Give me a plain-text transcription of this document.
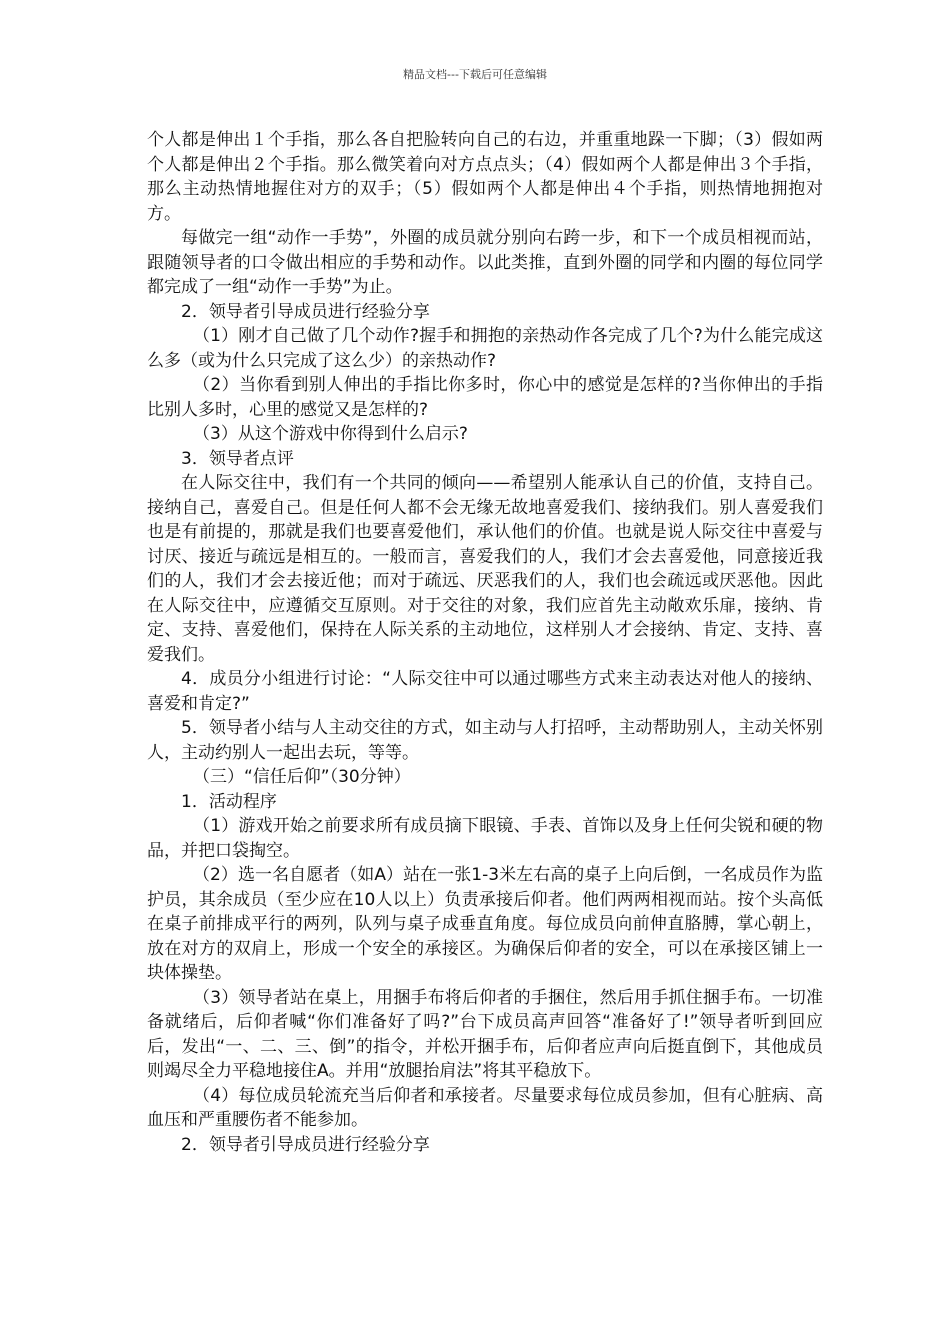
精品文档---下载后可任意编辑

个人都是伸出１个手指，那么各自把脸转向自己的右边，并重重地跺一下脚；（3）假如两个人都是伸出２个手指。那么微笑着向对方点点头；（4）假如两个人都是伸出３个手指，那么主动热情地握住对方的双手；（5）假如两个人都是伸出４个手指，则热情地拥抱对方。

每做完一组“动作一手势”，外圈的成员就分别向右跨一步，和下一个成员相视而站，跟随领导者的口令做出相应的手势和动作。以此类推，直到外圈的同学和内圈的每位同学都完成了一组“动作一手势”为止。

2．领导者引导成员进行经验分享

（1）刚才自己做了几个动作?握手和拥抱的亲热动作各完成了几个?为什么能完成这么多（或为什么只完成了这么少）的亲热动作?

（2）当你看到别人伸出的手指比你多时，你心中的感觉是怎样的?当你伸出的手指比别人多时，心里的感觉又是怎样的?

（3）从这个游戏中你得到什么启示?

3．领导者点评

在人际交往中，我们有一个共同的倾向——希望别人能承认自己的价值，支持自己。接纳自己，喜爱自己。但是任何人都不会无缘无故地喜爱我们、接纳我们。别人喜爱我们也是有前提的，那就是我们也要喜爱他们，承认他们的价值。也就是说人际交往中喜爱与讨厌、接近与疏远是相互的。一般而言，喜爱我们的人，我们才会去喜爱他，同意接近我们的人，我们才会去接近他；而对于疏远、厌恶我们的人，我们也会疏远或厌恶他。因此在人际交往中，应遵循交互原则。对于交往的对象，我们应首先主动敞欢乐扉，接纳、肯定、支持、喜爱他们，保持在人际关系的主动地位，这样别人才会接纳、肯定、支持、喜爱我们。

4．成员分小组进行讨论：“人际交往中可以通过哪些方式来主动表达对他人的接纳、喜爱和肯定?”

5．领导者小结与人主动交往的方式，如主动与人打招呼，主动帮助别人，主动关怀别人，主动约别人一起出去玩，等等。

（三）“信任后仰”（30分钟）

1．活动程序

（1）游戏开始之前要求所有成员摘下眼镜、手表、首饰以及身上任何尖锐和硬的物品，并把口袋掏空。

（2）选一名自愿者（如A）站在一张1-3米左右高的桌子上向后倒，一名成员作为监护员，其余成员（至少应在10人以上）负责承接后仰者。他们两两相视而站。按个头高低在桌子前排成平行的两列，队列与桌子成垂直角度。每位成员向前伸直胳膊，掌心朝上，放在对方的双肩上，形成一个安全的承接区。为确保后仰者的安全，可以在承接区铺上一块体操垫。

（3）领导者站在桌上，用捆手布将后仰者的手捆住，然后用手抓住捆手布。一切准备就绪后，后仰者喊“你们准备好了吗?”台下成员高声回答“准备好了!”领导者听到回应后，发出“一、二、三、倒”的指令，并松开捆手布，后仰者应声向后挺直倒下，其他成员则竭尽全力平稳地接住A。并用“放腿抬肩法”将其平稳放下。

（4）每位成员轮流充当后仰者和承接者。尽量要求每位成员参加，但有心脏病、高血压和严重腰伤者不能参加。

2．领导者引导成员进行经验分享
